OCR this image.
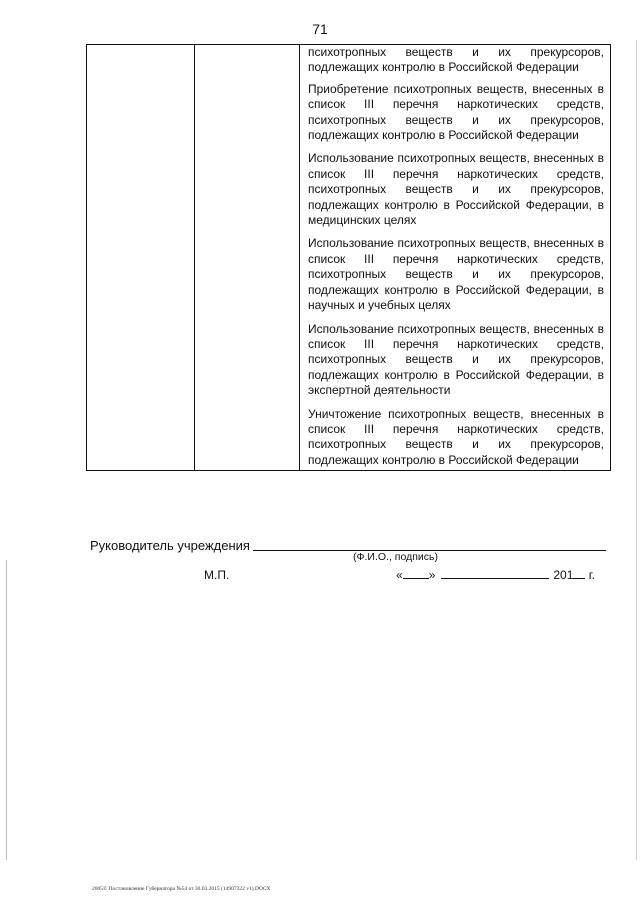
71

психотропных веществ и их прекурсоров, подлежащих контролю в Российской Федерации

Приобретение психотропных веществ, внесенных в список III перечня наркотических средств, психотропных веществ и их прекурсоров, подлежащих контролю в Российской Федерации

Использование психотропных веществ, внесенных в список III перечня наркотических средств, психотропных веществ и их прекурсоров, подлежащих контролю в Российской Федерации, в медицинских целях

Использование психотропных веществ, внесенных в список III перечня наркотических средств, психотропных веществ и их прекурсоров, подлежащих контролю в Российской Федерации, в научных и учебных целях

Использование психотропных веществ, внесенных в список III перечня наркотических средств, психотропных веществ и их прекурсоров, подлежащих контролю в Российской Федерации, в экспертной деятельности

Уничтожение психотропных веществ, внесенных в список III перечня наркотических средств, психотропных веществ и их прекурсоров, подлежащих контролю в Российской Федерации

Руководитель учреждения
(Ф.И.О., подпись)
М.П.	« »	201 г.
2005© Постановление Губернатора №54 от 30.03.2015 (14907322 v1).DOCX
